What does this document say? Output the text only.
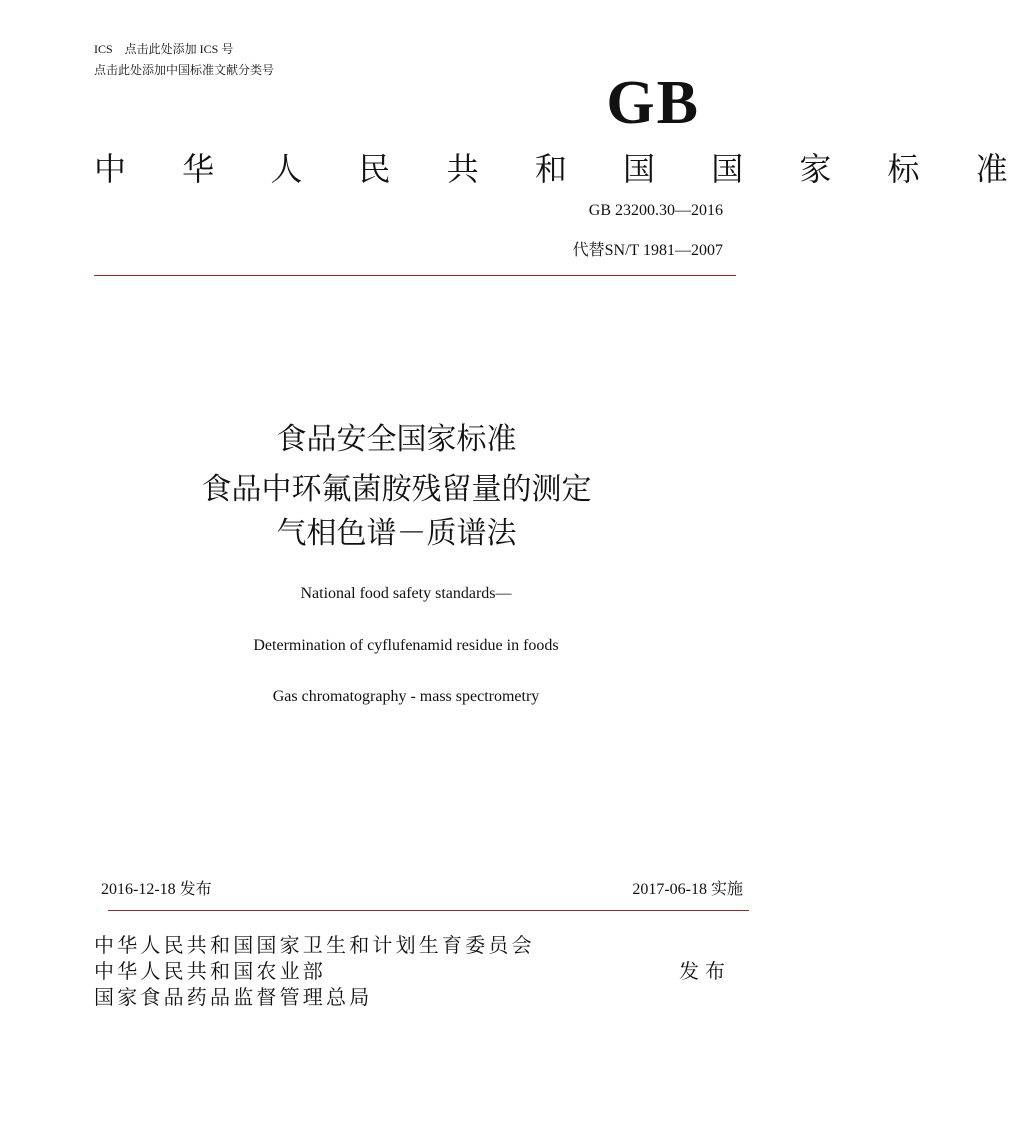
ICS　点击此处添加 ICS 号
点击此处添加中国标准文献分类号	GB
中 华 人 民 共 和 国 国 家 标 准
GB 23200.30—2016
代替SN/T 1981—2007
食品安全国家标准
食品中环氟菌胺残留量的测定
气相色谱－质谱法
National food safety standards—
Determination of cyflufenamid residue in foods
Gas chromatography - mass spectrometry
2016-12-18 发布	2017-06-18 实施
中华人民共和国国家卫生和计划生育委员会
中华人民共和国农业部
国家食品药品监督管理总局
发布
